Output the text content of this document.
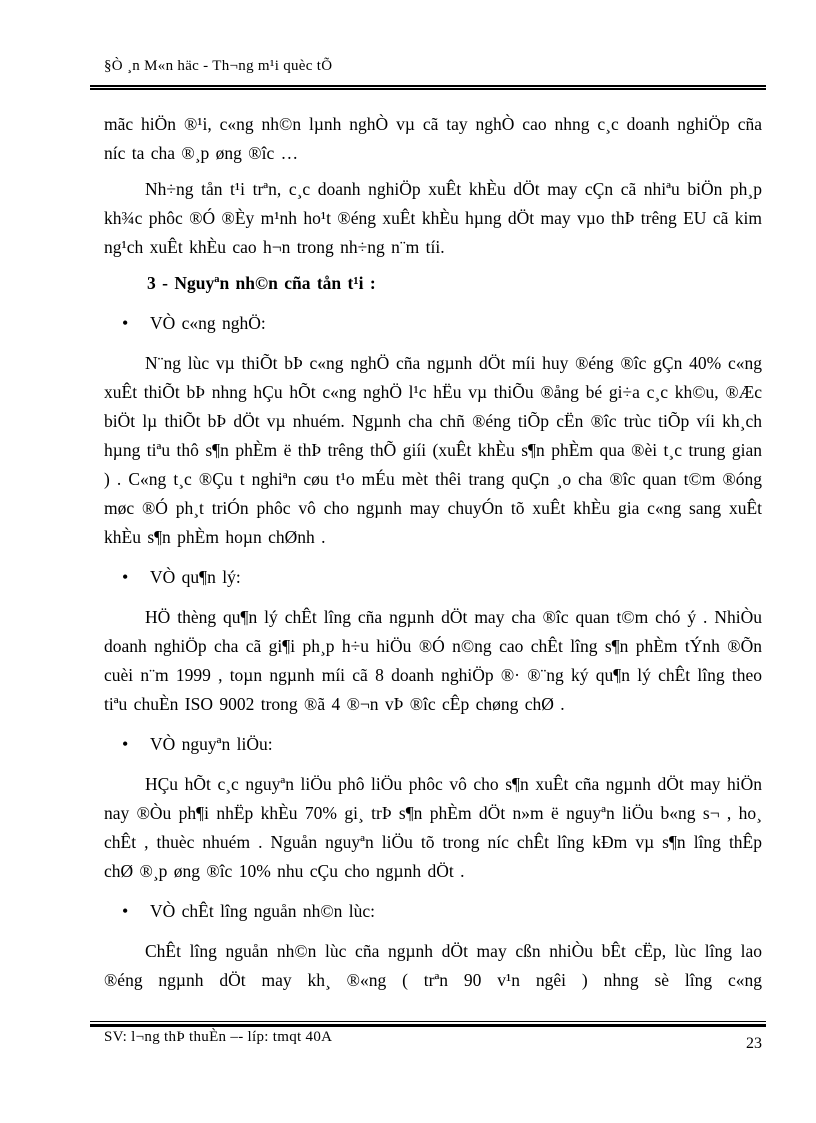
§Ò ¸n M«n häc - Th¬ng m¹i quèc tÕ

mãc hiÖn ®¹i, c«ng nh©n lµnh nghÒ vµ cã tay nghÒ cao nhng c¸c doanh nghiÖp cña níc ta cha ®¸p øng ®îc …

Nh÷ng tån t¹i trªn, c¸c doanh nghiÖp xuÊt khÈu dÖt may cÇn cã nhiªu biÖn ph¸p kh¾c phôc ®Ó ®Èy m¹nh ho¹t ®éng xuÊt khÈu hµng dÖt may vµo thÞ trêng EU cã kim ng¹ch xuÊt khÈu cao h¬n trong nh÷ng n¨m tíi.

3 - Nguyªn nh©n cña tån t¹i :

•
VÒ c«ng nghÖ:

N¨ng lùc vµ thiÕt bÞ c«ng nghÖ cña ngµnh dÖt míi huy ®éng ®îc gÇn 40% c«ng xuÊt thiÕt bÞ nhng hÇu hÕt c«ng nghÖ l¹c hËu vµ thiÕu ®ång bé gi÷a c¸c kh©u, ®Æc biÖt lµ thiÕt bÞ dÖt vµ nhuém. Ngµnh cha chñ ®éng tiÕp cËn ®îc trùc tiÕp víi kh¸ch hµng tiªu thô s¶n phÈm ë thÞ trêng thÕ giíi (xuÊt khÈu s¶n phÈm qua ®èi t¸c trung gian ) . C«ng t¸c ®Çu t nghiªn cøu t¹o mÉu mèt thêi trang quÇn ¸o cha ®îc quan t©m ®óng møc ®Ó ph¸t triÓn phôc vô cho ngµnh may chuyÓn tõ xuÊt khÈu gia c«ng sang xuÊt khÈu s¶n phÈm hoµn chØnh .

•
VÒ qu¶n lý:

HÖ thèng qu¶n lý chÊt lîng cña ngµnh dÖt may cha ®îc quan t©m chó ý . NhiÒu doanh nghiÖp cha cã gi¶i ph¸p h÷u hiÖu ®Ó n©ng cao chÊt lîng s¶n phÈm tÝnh ®Õn cuèi n¨m 1999 , toµn ngµnh míi cã 8 doanh nghiÖp ®· ®¨ng ký qu¶n lý chÊt lîng theo tiªu chuÈn ISO 9002 trong ®ã 4 ®¬n vÞ ®îc cÊp chøng chØ .

•
VÒ nguyªn liÖu:

HÇu hÕt c¸c nguyªn liÖu phô liÖu phôc vô cho s¶n xuÊt cña ngµnh dÖt may hiÖn nay ®Òu ph¶i nhËp khÈu 70% gi¸ trÞ s¶n phÈm dÖt n»m ë nguyªn liÖu b«ng s¬ , ho¸ chÊt , thuèc nhuém . Nguån nguyªn liÖu tõ trong níc chÊt lîng kÐm vµ s¶n lîng thÊp chØ ®¸p øng ®îc 10% nhu cÇu cho ngµnh dÖt .

•
VÒ chÊt lîng nguån nh©n lùc:

ChÊt lîng nguån nh©n lùc cña ngµnh dÖt may cßn nhiÒu bÊt cËp, lùc lîng lao ®éng ngµnh dÖt may kh¸ ®«ng ( trªn 90 v¹n ngêi ) nhng sè lîng c«ng

SV: l¬ng thÞ thuÈn –- líp: tmqt 40A	23
